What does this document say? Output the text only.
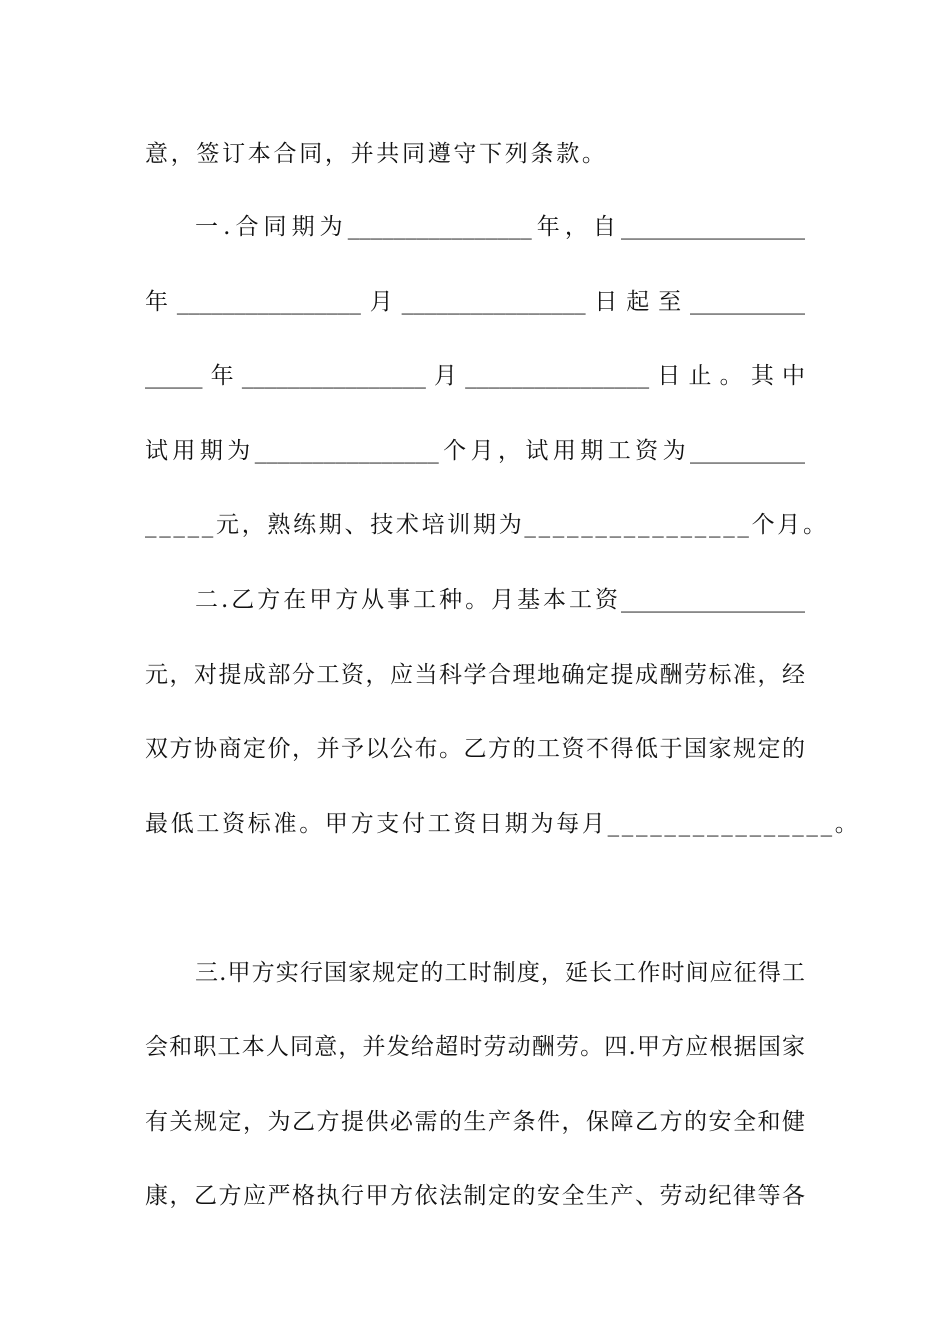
意，签订本合同，并共同遵守下列条款。
一.合同期为________________年，自________________
年________________月________________日起至__________
_____年________________月________________日止。其中
试用期为________________个月，试用期工资为__________
_____元，熟练期、技术培训期为________________个月。
二.乙方在甲方从事工种。月基本工资________________
元，对提成部分工资，应当科学合理地确定提成酬劳标准，经
双方协商定价，并予以公布。乙方的工资不得低于国家规定的
最低工资标准。甲方支付工资日期为每月________________。
三.甲方实行国家规定的工时制度，延长工作时间应征得工
会和职工本人同意，并发给超时劳动酬劳。四.甲方应根据国家
有关规定，为乙方提供必需的生产条件，保障乙方的安全和健
康，乙方应严格执行甲方依法制定的安全生产、劳动纪律等各
